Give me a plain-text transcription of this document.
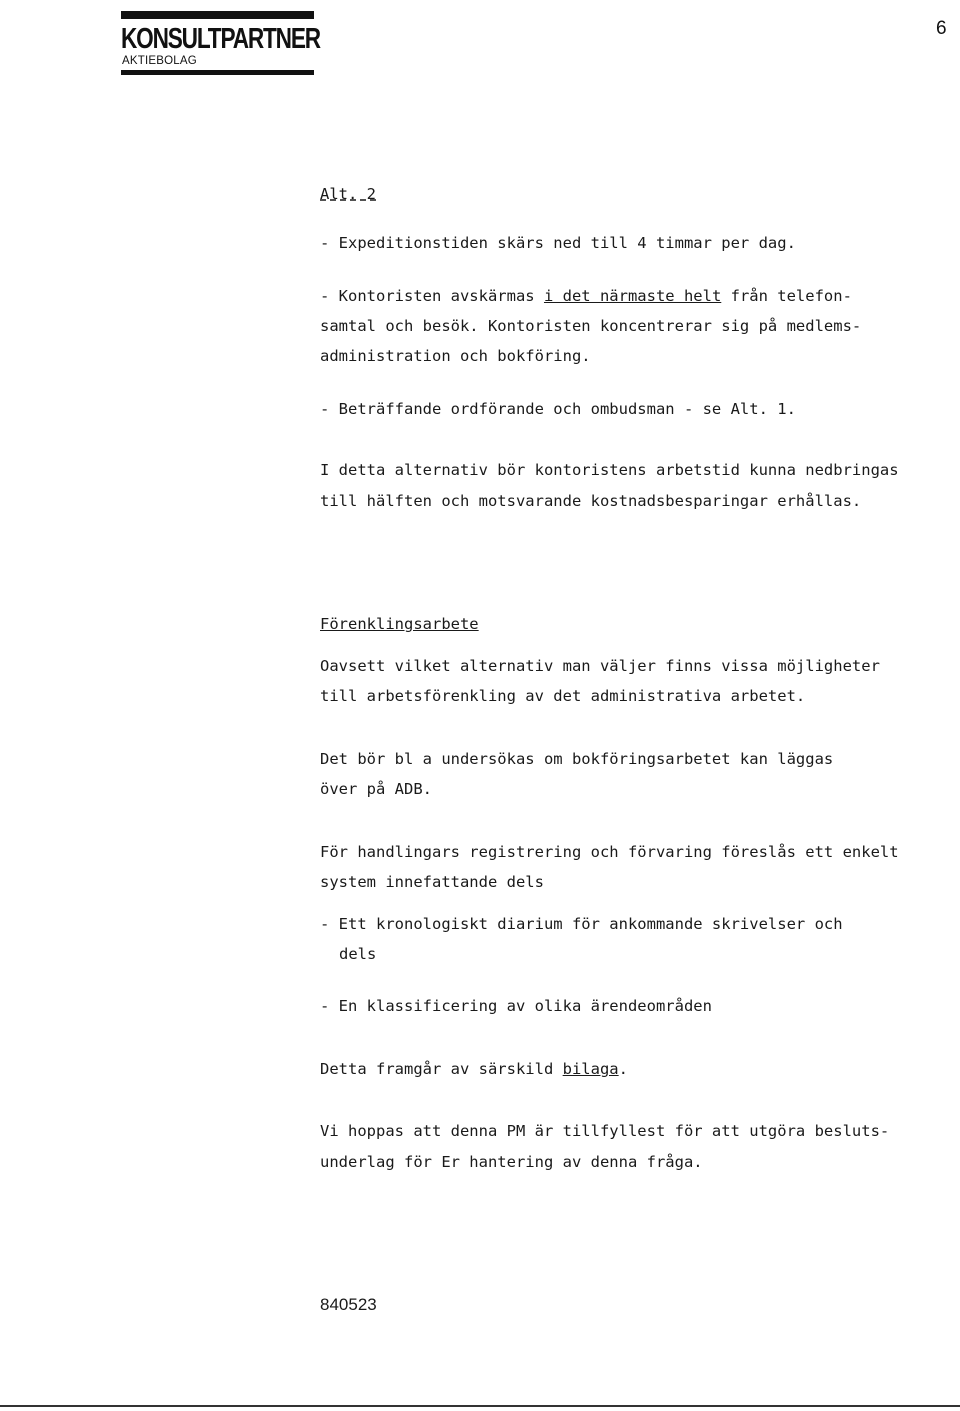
KONSULTPARTNER
AKTIEBOLAG
6
Alt. 2
- Expeditionstiden skärs ned till 4 timmar per dag.
- Kontoristen avskärmas i det närmaste helt från telefon-
samtal och besök. Kontoristen koncentrerar sig på medlems-
administration och bokföring.
- Beträffande ordförande och ombudsman - se Alt. 1.
I detta alternativ bör kontoristens arbetstid kunna nedbringas
till hälften och motsvarande kostnadsbesparingar erhållas.
Förenklingsarbete
Oavsett vilket alternativ man väljer finns vissa möjligheter
till arbetsförenkling av det administrativa arbetet.
Det bör bl a undersökas om bokföringsarbetet kan läggas
över på ADB.
För handlingars registrering och förvaring föreslås ett enkelt
system innefattande dels
- Ett kronologiskt diarium för ankommande skrivelser och
dels
- En klassificering av olika ärendeområden
Detta framgår av särskild bilaga.
Vi hoppas att denna PM är tillfyllest för att utgöra besluts-
underlag för Er hantering av denna fråga.
840523
